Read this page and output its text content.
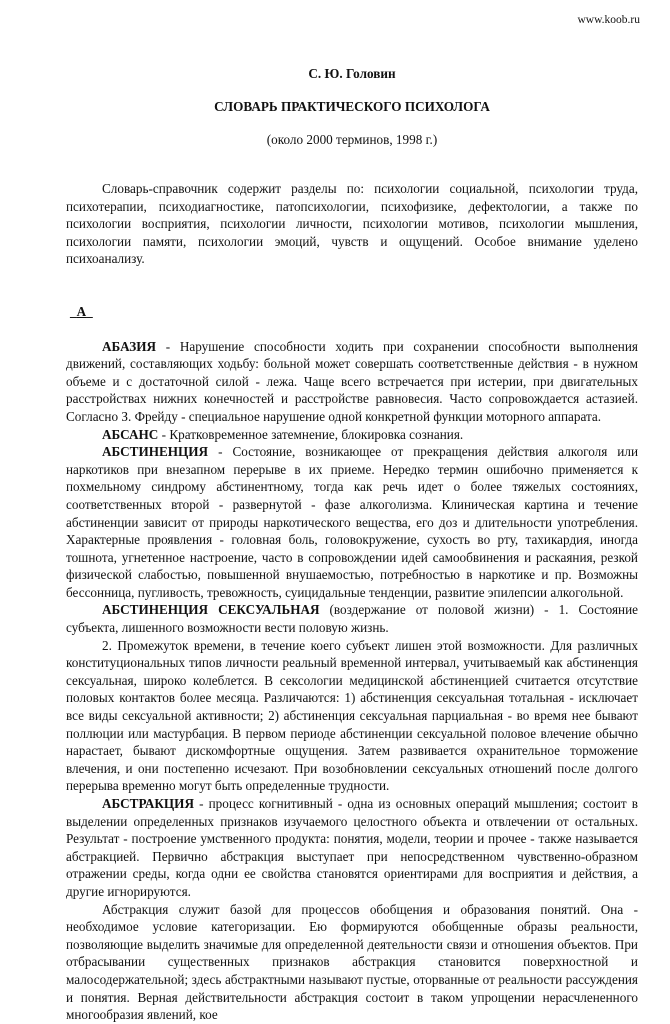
www.koob.ru
С. Ю. Головин
СЛОВАРЬ ПРАКТИЧЕСКОГО ПСИХОЛОГА
(около 2000 терминов, 1998 г.)

Словарь-справочник содержит разделы по: психологии социальной, психологии труда, психотерапии, психодиагностике, патопсихологии, психофизике, дефектологии, а также по психологии восприятия, психологии личности, психологии мотивов, психологии мышления, психологии памяти, психологии эмоций, чувств и ощущений. Особое внимание уделено психоанализу.

_A_

АБАЗИЯ - Нарушение способности ходить при сохранении способности выполнения движений, составляющих ходьбу: больной может совершать соответственные действия - в нужном объеме и с достаточной силой - лежа. Чаще всего встречается при истерии, при двигательных расстройствах нижних конечностей и расстройстве равновесия. Часто сопровождается астазией. Согласно З. Фрейду - специальное нарушение одной конкретной функции моторного аппарата.

АБСАНС - Кратковременное затемнение, блокировка сознания.

АБСТИНЕНЦИЯ - Состояние, возникающее от прекращения действия алкоголя или наркотиков при внезапном перерыве в их приеме. Нередко термин ошибочно применяется к похмельному синдрому абстинентному, тогда как речь идет о более тяжелых состояниях, соответственных второй - развернутой - фазе алкоголизма. Клиническая картина и течение абстиненции зависит от природы наркотического вещества, его доз и длительности употребления. Характерные проявления - головная боль, головокружение, сухость во рту, тахикардия, иногда тошнота, угнетенное настроение, часто в сопровождении идей самообвинения и раскаяния, резкой физической слабостью, повышенной внушаемостью, потребностью в наркотике и пр. Возможны бессонница, пугливость, тревожность, суицидальные тенденции, развитие эпилепсии алкогольной.

АБСТИНЕНЦИЯ СЕКСУАЛЬНАЯ (воздержание от половой жизни) - 1. Состояние субъекта, лишенного возможности вести половую жизнь.

2. Промежуток времени, в течение коего субъект лишен этой возможности. Для различных конституциональных типов личности реальный временной интервал, учитываемый как абстиненция сексуальная, широко колеблется. В сексологии медицинской абстиненцией считается отсутствие половых контактов более месяца. Различаются: 1) абстиненция сексуальная тотальная - исключает все виды сексуальной активности; 2) абстиненция сексуальная парциальная - во время нее бывают поллюции или мастурбация. В первом периоде абстиненции сексуальной половое влечение обычно нарастает, бывают дискомфортные ощущения. Затем развивается охранительное торможение влечения, и они постепенно исчезают. При возобновлении сексуальных отношений после долгого перерыва временно могут быть определенные трудности.

АБСТРАКЦИЯ - процесс когнитивный - одна из основных операций мышления; состоит в выделении определенных признаков изучаемого целостного объекта и отвлечении от остальных. Результат - построение умственного продукта: понятия, модели, теории и прочее - также называется абстракцией. Первично абстракция выступает при непосредственном чувственно-образном отражении среды, когда одни ее свойства становятся ориентирами для восприятия и действия, а другие игнорируются.

Абстракция служит базой для процессов обобщения и образования понятий. Она - необходимое условие категоризации. Ею формируются обобщенные образы реальности, позволяющие выделить значимые для определенной деятельности связи и отношения объектов. При отбрасывании существенных признаков абстракция становится поверхностной и малосодержательной; здесь абстрактными называют пустые, оторванные от реальности рассуждения и понятия. Верная действительности абстракция состоит в таком упрощении нерасчлененного многообразия явлений, кое
